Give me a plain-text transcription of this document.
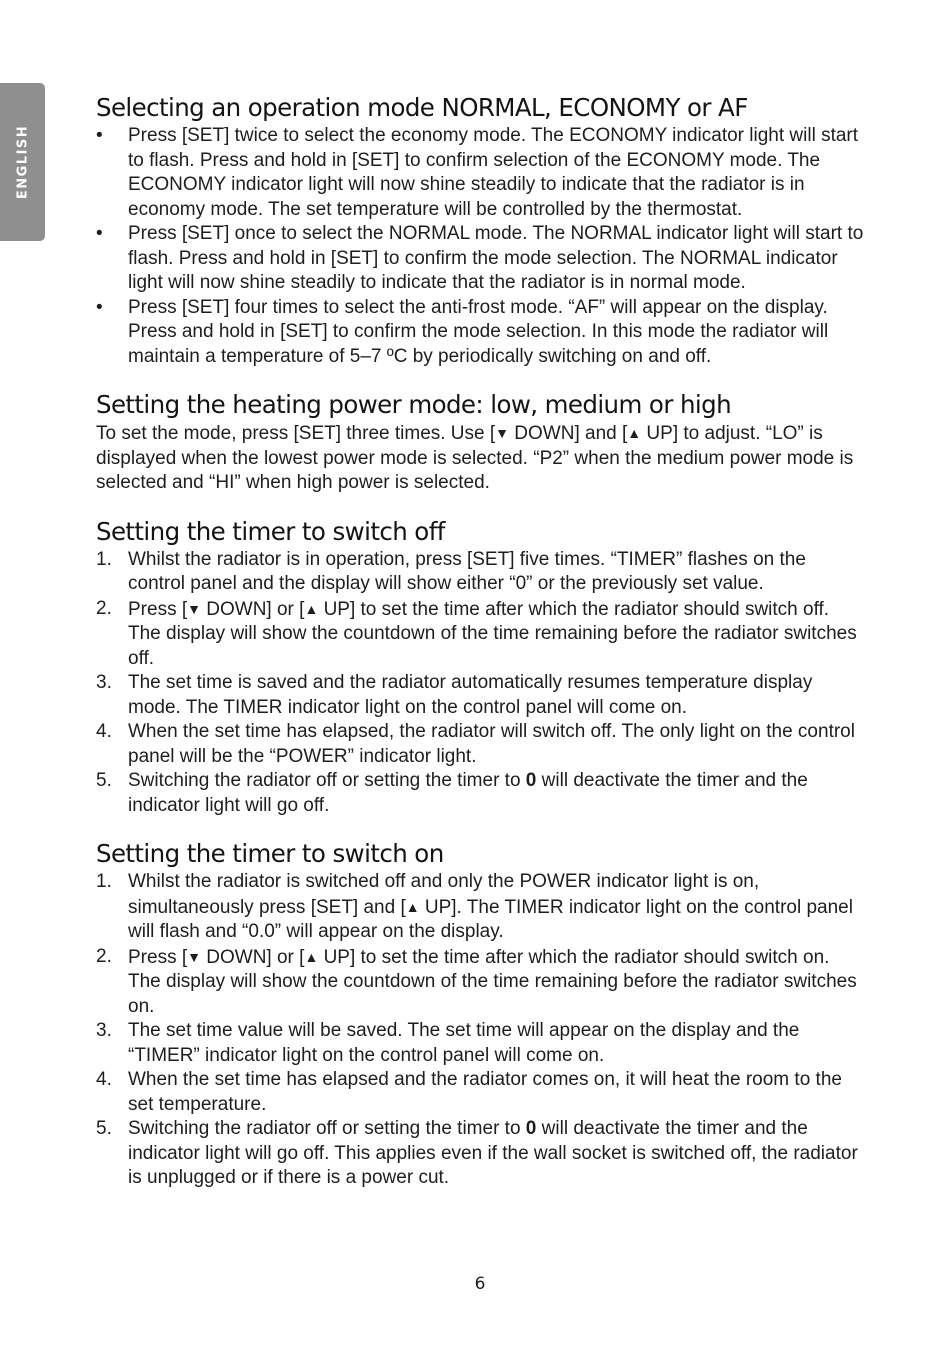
ENGLISH
Selecting an operation mode NORMAL, ECONOMY or AF
• Press [SET] twice to select the economy mode. The ECONOMY indicator light will start to flash. Press and hold in [SET] to confirm selection of the ECONOMY mode. The ECONOMY indicator light will now shine steadily to indicate that the radiator is in economy mode. The set temperature will be controlled by the thermostat.
• Press [SET] once to select the NORMAL mode. The NORMAL indicator light will start to flash. Press and hold in [SET] to confirm the mode selection. The NORMAL indicator light will now shine steadily to indicate that the radiator is in normal mode.
• Press [SET] four times to select the anti-frost mode. “AF” will appear on the display. Press and hold in [SET] to confirm the mode selection. In this mode the radiator will maintain a temperature of 5–7 ºC by periodically switching on and off.
Setting the heating power mode: low, medium or high

To set the mode, press [SET] three times. Use [▼ DOWN] and [▲ UP] to adjust. “LO” is displayed when the lowest power mode is selected. “P2” when the medium power mode is selected and “HI” when high power is selected.

Setting the timer to switch off
1. Whilst the radiator is in operation, press [SET] five times. “TIMER” flashes on the control panel and the display will show either “0” or the previously set value.
2. Press [▼ DOWN] or [▲ UP] to set the time after which the radiator should switch off. The display will show the countdown of the time remaining before the radiator switches off.
3. The set time is saved and the radiator automatically resumes temperature display mode. The TIMER indicator light on the control panel will come on.
4. When the set time has elapsed, the radiator will switch off. The only light on the control panel will be the “POWER” indicator light.
5. Switching the radiator off or setting the timer to 0 will deactivate the timer and the indicator light will go off.
Setting the timer to switch on
1. Whilst the radiator is switched off and only the POWER indicator light is on, simultaneously press [SET] and [▲ UP]. The TIMER indicator light on the control panel will flash and “0.0” will appear on the display.
2. Press [▼ DOWN] or [▲ UP] to set the time after which the radiator should switch on. The display will show the countdown of the time remaining before the radiator switches on.
3. The set time value will be saved. The set time will appear on the display and the “TIMER” indicator light on the control panel will come on.
4. When the set time has elapsed and the radiator comes on, it will heat the room to the set temperature.
5. Switching the radiator off or setting the timer to 0 will deactivate the timer and the indicator light will go off. This applies even if the wall socket is switched off, the radiator is unplugged or if there is a power cut.
6
